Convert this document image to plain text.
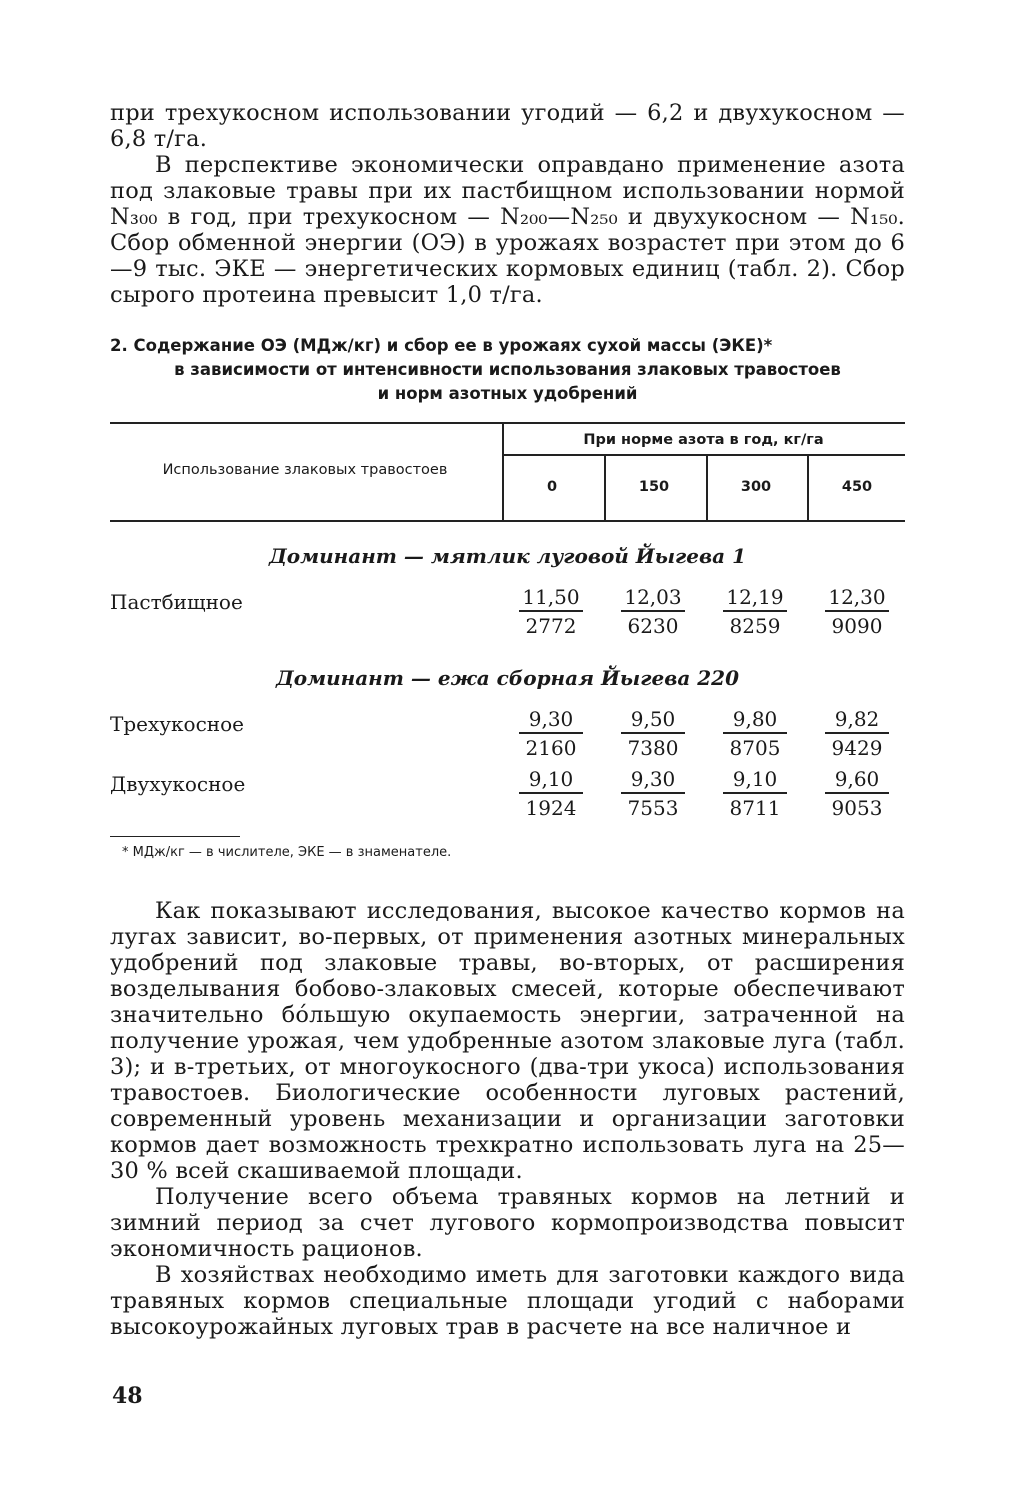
при трехукосном использовании угодий — 6,2 и двухукосном — 6,8 т/га.

В перспективе экономически оправдано применение азота под злаковые травы при их пастбищном использовании нормой N₃₀₀ в год, при трехукосном — N₂₀₀—N₂₅₀ и двухукосном — N₁₅₀. Сбор обменной энергии (ОЭ) в урожаях возрастет при этом до 6—9 тыс. ЭКЕ — энергетических кормовых единиц (табл. 2). Сбор сырого протеина превысит 1,0 т/га.

2. Содержание ОЭ (МДж/кг) и сбор ее в урожаях сухой массы (ЭКЕ)*
в зависимости от интенсивности использования злаковых травостоев
и норм азотных удобрений
Использование злаковых травостоев
При норме азота в год, кг/га
0	150	300	450
Доминант — мятлик луговой Йыгева 1
Пастбищное	$\frac{11,50}{2772} \frac{12,03}{6230} \frac{12,19}{8259} \frac{12,30}{9090}$
Доминант — ежа сборная Йыгева 220
Трехукосное	$\frac{9,30}{2160} \frac{9,50}{7380} \frac{9,80}{8705} \frac{9,82}{9429}$
Двухукосное	$\frac{9,10}{1924} \frac{9,30}{7553} \frac{9,10}{8711} \frac{9,60}{9053}$
* МДж/кг — в числителе, ЭКЕ — в знаменателе.

Как показывают исследования, высокое качество кормов на лугах зависит, во-первых, от применения азотных минеральных удобрений под злаковые травы, во-вторых, от расширения возделывания бобово-злаковых смесей, которые обеспечивают значительно бо́льшую окупаемость энергии, затраченной на получение урожая, чем удобренные азотом злаковые луга (табл. 3); и в-третьих, от многоукосного (два-три укоса) использования травостоев. Биологические особенности луговых растений, современный уровень механизации и организации заготовки кормов дает возможность трехкратно использовать луга на 25—30 % всей скашиваемой площади.

Получение всего объема травяных кормов на летний и зимний период за счет лугового кормопроизводства повысит экономичность рационов.

В хозяйствах необходимо иметь для заготовки каждого вида травяных кормов специальные площади угодий с наборами высокоурожайных луговых трав в расчете на все наличное и

48
